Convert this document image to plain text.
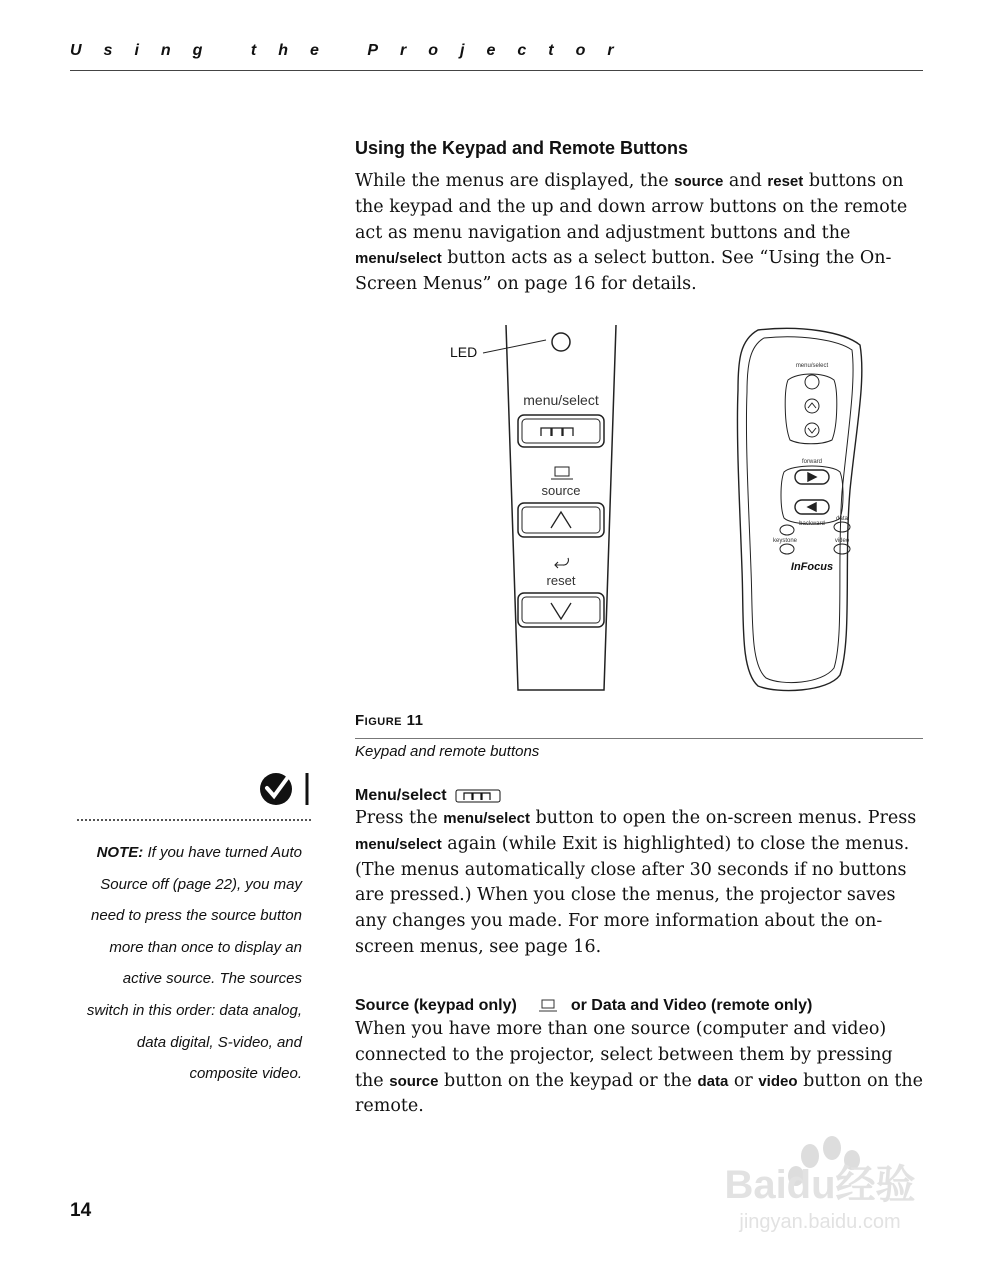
Using the Projector
Using the Keypad and Remote Buttons
While the menus are displayed, the source and reset buttons on the keypad and the up and down arrow buttons on the remote act as menu navigation and adjustment buttons and the menu/select button acts as a select button. See “Using the On-Screen Menus” on page 16 for details.
LED
menu/select
source
reset
menu/select
forward
backward
data
keystone	video
InFocus
Figure 11
Keypad and remote buttons
NOTE: If you have turned Auto Source off (page 22), you may need to press the source button more than once to display an active source. The sources switch in this order: data analog, data digital, S-video, and composite video.
Menu/select
Press the menu/select button to open the on-screen menus. Press menu/select again (while Exit is highlighted) to close the menus. (The menus automatically close after 30 seconds if no buttons are pressed.) When you close the menus, the projector saves any changes you made. For more information about the on-screen menus, see page 16.
Source (keypad only)	or Data and Video (remote only)
When you have more than one source (computer and video) connected to the projector, select between them by pressing the source button on the keypad or the data or video button on the remote.
14
Baidu经验
jingyan.baidu.com
